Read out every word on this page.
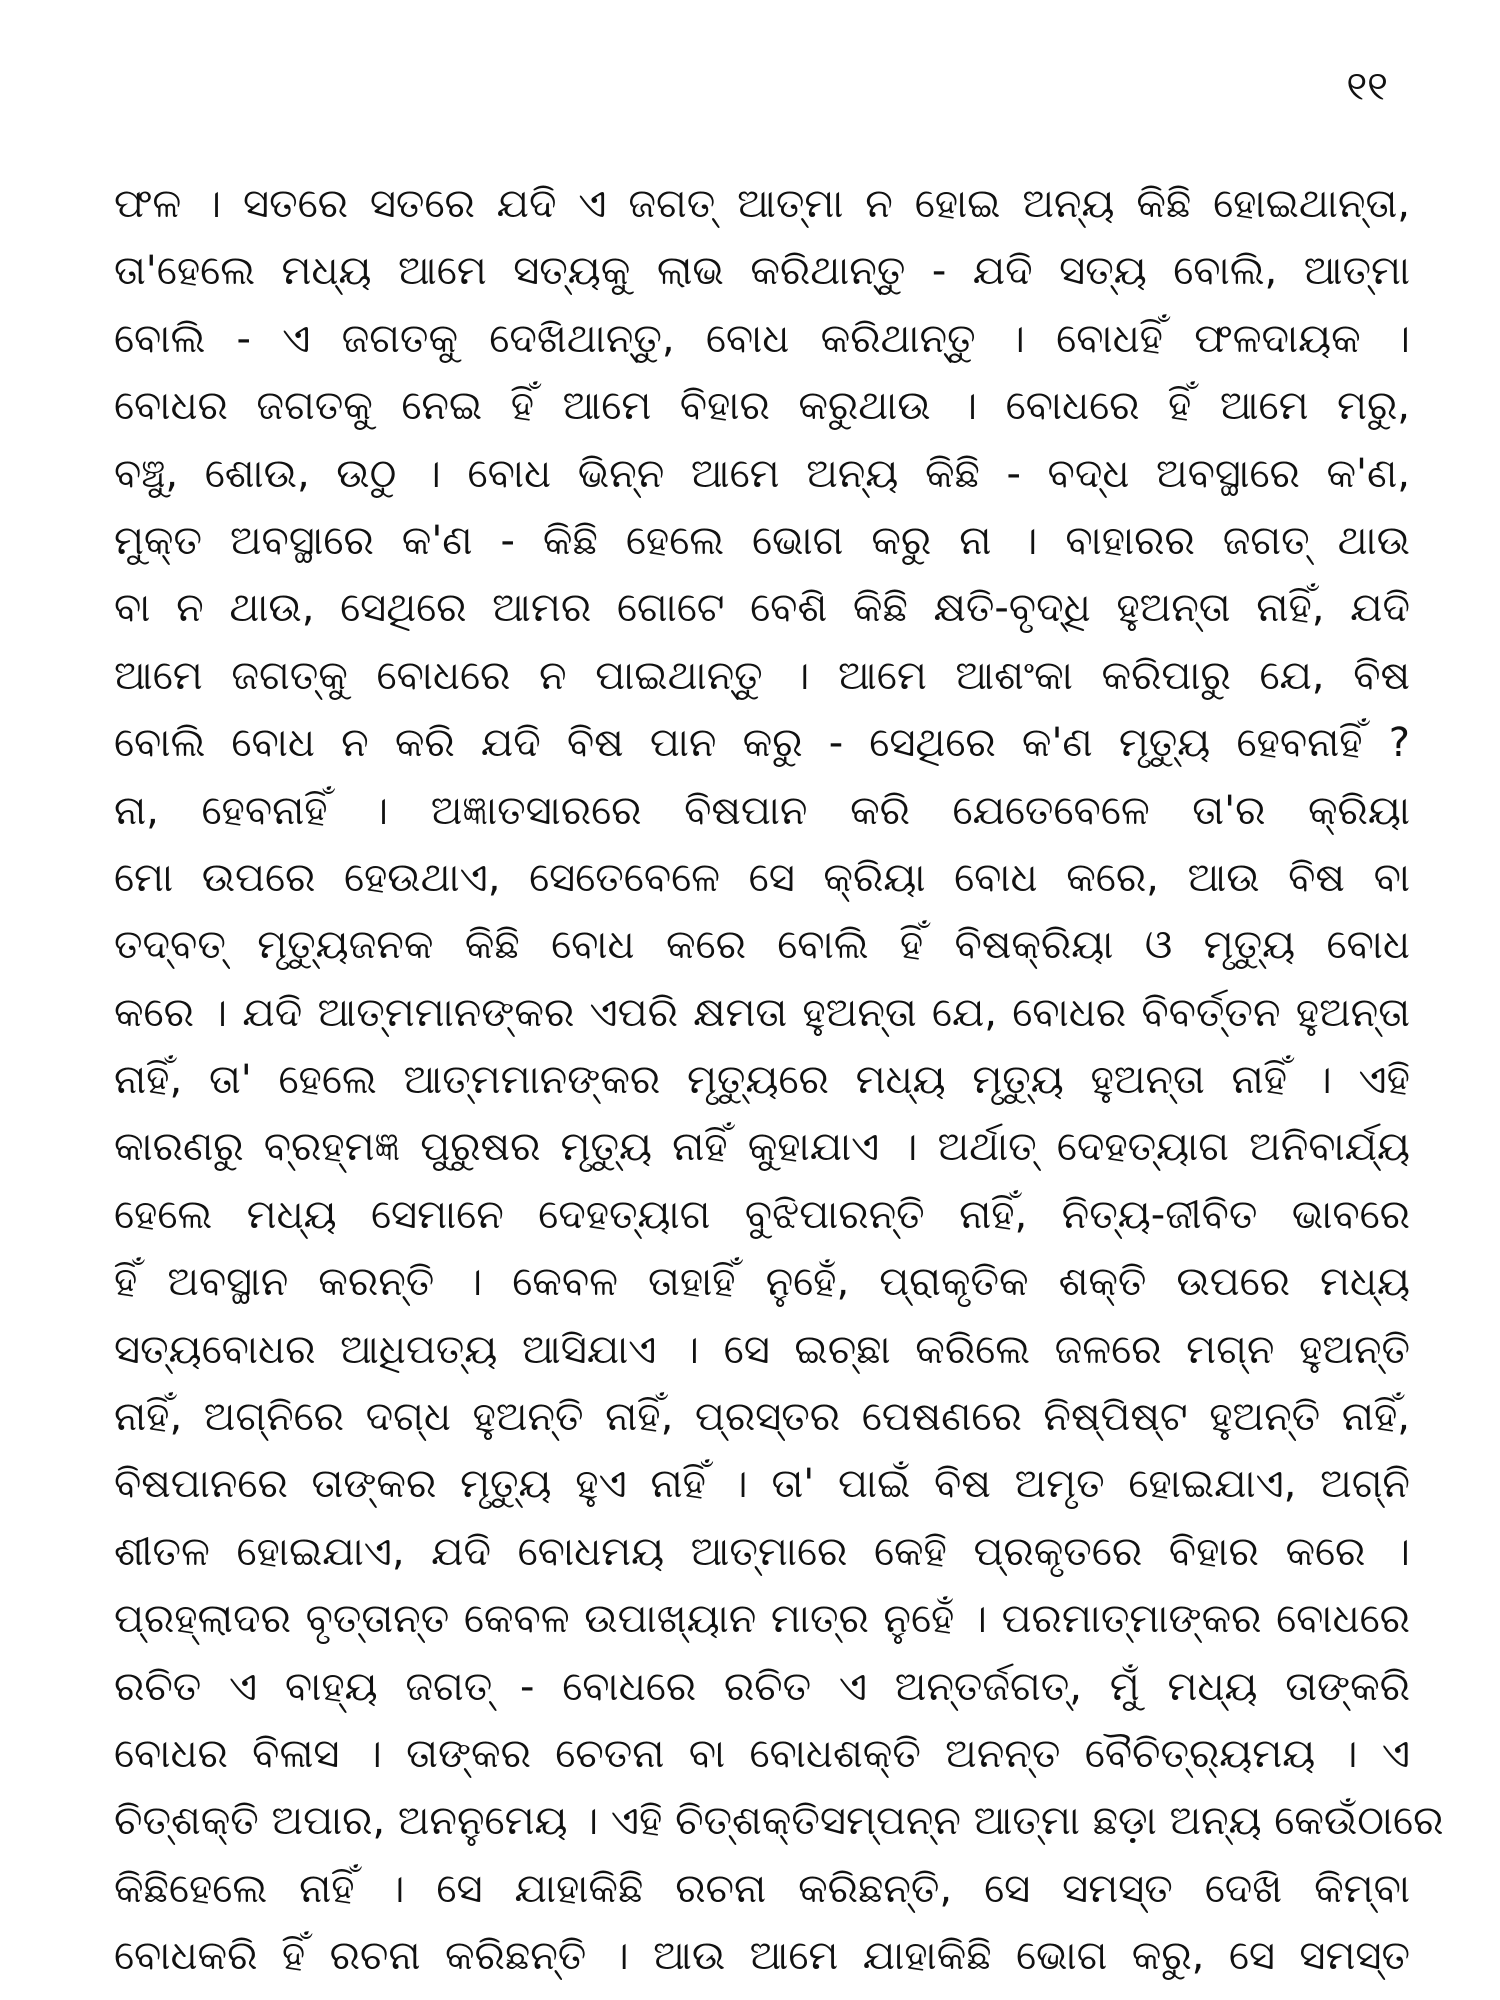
୧୧
ଫଳ । ସତରେ ସତରେ ଯଦି ଏ ଜଗତ୍ ଆତ୍ମା ନ ହୋଇ ଅନ୍ୟ କିଛି ହୋଇଥାନ୍ତା,
ତା'ହେଲେ ମଧ୍ୟ ଆମେ ସତ୍ୟକୁ ଲାଭ କରିଥାନ୍ତୁ - ଯଦି ସତ୍ୟ ବୋଲି, ଆତ୍ମା
ବୋଲି - ଏ ଜଗତକୁ ଦେଖିଥାନ୍ତୁ, ବୋଧ କରିଥାନ୍ତୁ । ବୋଧହିଁ ଫଳଦାୟକ ।
ବୋଧର ଜଗତକୁ ନେଇ ହିଁ ଆମେ ବିହାର କରୁଥାଉ । ବୋଧରେ ହିଁ ଆମେ ମରୁ,
ବଞ୍ଚୁ, ଶୋଉ, ଉଠୁ । ବୋଧ ଭିନ୍ନ ଆମେ ଅନ୍ୟ କିଛି - ବଦ୍ଧ ଅବସ୍ଥାରେ କ'ଣ,
ମୁକ୍ତ ଅବସ୍ଥାରେ କ'ଣ - କିଛି ହେଲେ ଭୋଗ କରୁ ନା । ବାହାରର ଜଗତ୍ ଥାଉ
ବା ନ ଥାଉ, ସେଥିରେ ଆମର ଗୋଟେ ବେଶି କିଛି କ୍ଷତି-ବୃଦ୍ଧି ହୁଅନ୍ତା ନାହିଁ, ଯଦି
ଆମେ ଜଗତ୍‌କୁ ବୋଧରେ ନ ପାଇଥାନ୍ତୁ । ଆମେ ଆଶଂକା କରିପାରୁ ଯେ, ବିଷ
ବୋଲି ବୋଧ ନ କରି ଯଦି ବିଷ ପାନ କରୁ - ସେଥିରେ କ'ଣ ମୃତ୍ୟୁ ହେବନାହିଁ ?
ନା, ହେବନାହିଁ । ଅଜ୍ଞାତସାରରେ ବିଷପାନ କରି ଯେତେବେଳେ ତା'ର କ୍ରିୟା
ମୋ ଉପରେ ହେଉଥାଏ, ସେତେବେଳେ ସେ କ୍ରିୟା ବୋଧ କରେ, ଆଉ ବିଷ ବା
ତଦ୍‌ବତ୍ ମୃତ୍ୟୁଜନକ କିଛି ବୋଧ କରେ ବୋଲି ହିଁ ବିଷକ୍ରିୟା ଓ ମୃତ୍ୟୁ ବୋଧ
କରେ । ଯଦି ଆତ୍ମମାନଙ୍କର ଏପରି କ୍ଷମତା ହୁଅନ୍ତା ଯେ, ବୋଧର ବିବର୍ତ୍ତନ ହୁଅନ୍ତା
ନାହିଁ, ତା' ହେଲେ ଆତ୍ମମାନଙ୍କର ମୃତ୍ୟୁରେ ମଧ୍ୟ ମୃତ୍ୟୁ ହୁଅନ୍ତା ନାହିଁ । ଏହି
କାରଣରୁ ବ୍ରହ୍ମଜ୍ଞ ପୁରୁଷର ମୃତ୍ୟୁ ନାହିଁ କୁହାଯାଏ । ଅର୍ଥାତ୍ ଦେହତ୍ୟାଗ ଅନିବାର୍ଯ୍ୟ
ହେଲେ ମଧ୍ୟ ସେମାନେ ଦେହତ୍ୟାଗ ବୁଝିପାରନ୍ତି ନାହିଁ, ନିତ୍ୟ-ଜୀବିତ ଭାବରେ
ହିଁ ଅବସ୍ଥାନ କରନ୍ତି । କେବଳ ତାହାହିଁ ନୁହେଁ, ପ୍ରାକୃତିକ ଶକ୍ତି ଉପରେ ମଧ୍ୟ
ସତ୍ୟବୋଧର ଆଧିପତ୍ୟ ଆସିଯାଏ । ସେ ଇଚ୍ଛା କରିଲେ ଜଳରେ ମଗ୍ନ ହୁଅନ୍ତି
ନାହିଁ, ଅଗ୍ନିରେ ଦଗ୍ଧ ହୁଅନ୍ତି ନାହିଁ, ପ୍ରସ୍ତର ପେଷଣରେ ନିଷ୍ପିଷ୍ଟ ହୁଅନ୍ତି ନାହିଁ,
ବିଷପାନରେ ତାଙ୍କର ମୃତ୍ୟୁ ହୁଏ ନାହିଁ । ତା' ପାଇଁ ବିଷ ଅମୃତ ହୋଇଯାଏ, ଅଗ୍ନି
ଶୀତଳ ହୋଇଯାଏ, ଯଦି ବୋଧମୟ ଆତ୍ମାରେ କେହି ପ୍ରକୃତରେ ବିହାର କରେ ।
ପ୍ରହ୍ଲାଦର ବୃତ୍ତାନ୍ତ କେବଳ ଉପାଖ୍ୟାନ ମାତ୍ର ନୁହେଁ । ପରମାତ୍ମାଙ୍କର ବୋଧରେ
ରଚିତ ଏ ବାହ୍ୟ ଜଗତ୍ - ବୋଧରେ ରଚିତ ଏ ଅନ୍ତର୍ଜଗତ୍, ମୁଁ ମଧ୍ୟ ତାଙ୍କରି
ବୋଧର ବିଳାସ । ତାଙ୍କର ଚେତନା ବା ବୋଧଶକ୍ତି ଅନନ୍ତ ବୈଚିତ୍ର୍ୟମୟ । ଏ
ଚିତ୍‌ଶକ୍ତି ଅପାର, ଅନନୁମେୟ । ଏହି ଚିତ୍‌ଶକ୍ତିସମ୍ପନ୍ନ ଆତ୍ମା ଛଡ଼ା ଅନ୍ୟ କେଉଁଠାରେ
କିଛିହେଲେ ନାହିଁ । ସେ ଯାହାକିଛି ରଚନା କରିଛନ୍ତି, ସେ ସମସ୍ତ ଦେଖି କିମ୍ବା
ବୋଧକରି ହିଁ ରଚନା କରିଛନ୍ତି । ଆଉ ଆମେ ଯାହାକିଛି ଭୋଗ କରୁ, ସେ ସମସ୍ତ
